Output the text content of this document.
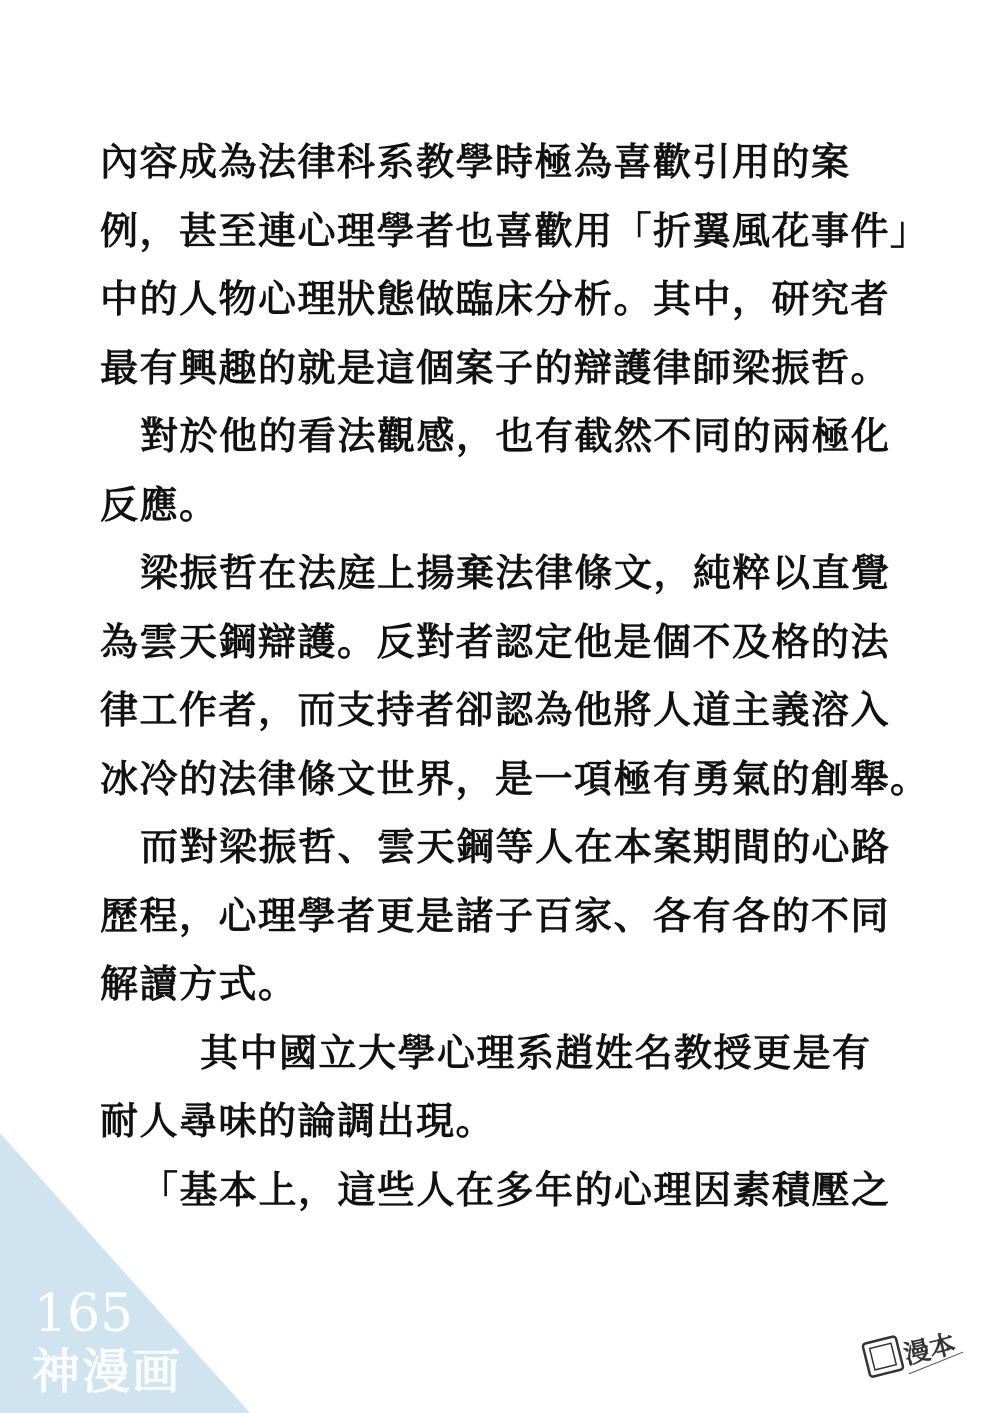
內容成為法律科系教學時極為喜歡引用的案
例，甚至連心理學者也喜歡用「折翼風花事件」
中的人物心理狀態做臨床分析。其中，研究者
最有興趣的就是這個案子的辯護律師梁振哲。
對於他的看法觀感，也有截然不同的兩極化
反應。
梁振哲在法庭上揚棄法律條文，純粹以直覺
為雲天鋼辯護。反對者認定他是個不及格的法
律工作者，而支持者卻認為他將人道主義溶入
冰冷的法律條文世界，是一項極有勇氣的創舉。
而對梁振哲、雲天鋼等人在本案期間的心路
歷程，心理學者更是諸子百家、各有各的不同
解讀方式。
其中國立大學心理系趙姓名教授更是有
耐人尋味的論調出現。
「基本上，這些人在多年的心理因素積壓之
165
神漫画	漫本
